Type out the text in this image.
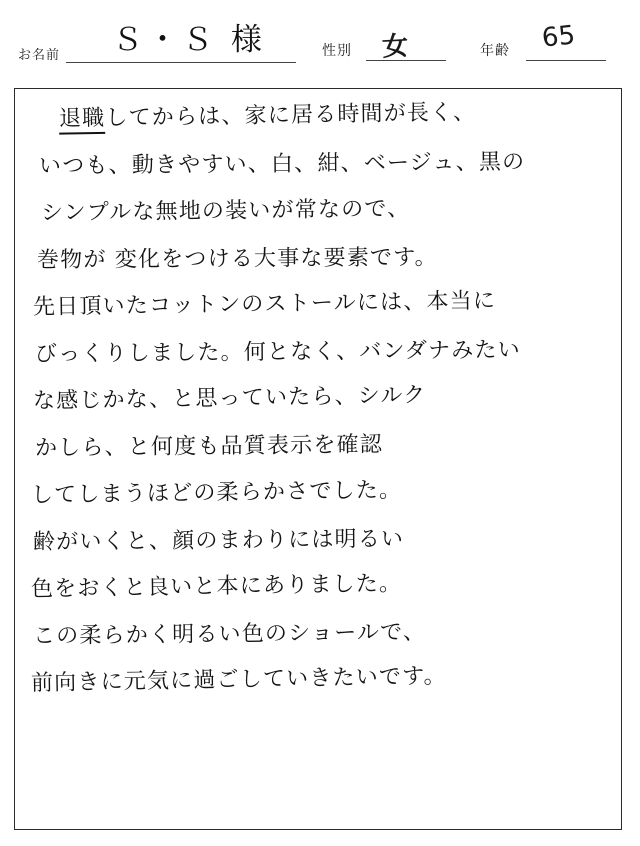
お名前 Ｓ・Ｓ 様	性別 女	年齢 65
退職してからは、家に居る時間が長く、
いつも、動きやすい、白、紺、ベージュ、黒の
シンプルな無地の装いが常なので、
巻物が 変化をつける大事な要素です。
先日頂いたコットンのストールには、本当に
びっくりしました。何となく、バンダナみたい
な感じかな、と思っていたら、シルク
かしら、と何度も品質表示を確認
してしまうほどの柔らかさでした。
齢がいくと、顔のまわりには明るい
色をおくと良いと本にありました。
この柔らかく明るい色のショールで、
前向きに元気に過ごしていきたいです。
